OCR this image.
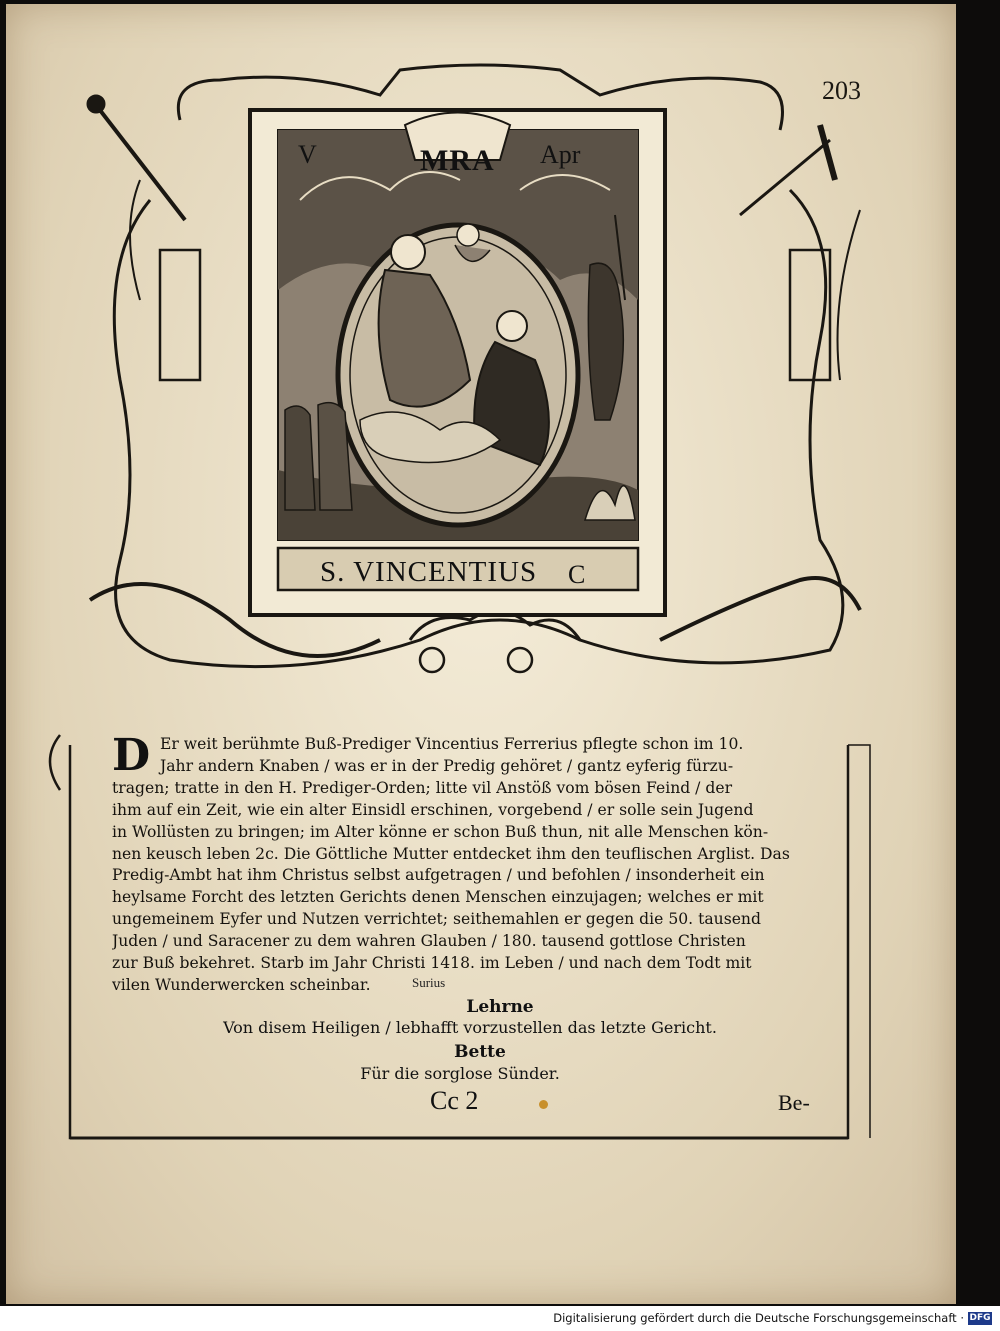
203
V	MRA Apr
S. VINCENTIUS C
D Er weit berühmte Buß-Prediger Vincentius Ferrerius pflegte schon im 10.
Jahr andern Knaben / was er in der Predig gehöret / gantz eyferig fürzu-
tragen; tratte in den H. Prediger-Orden; litte vil Anstöß vom bösen Feind / der
ihm auf ein Zeit, wie ein alter Einsidl erschinen, vorgebend / er solle sein Jugend
in Wollüsten zu bringen; im Alter könne er schon Buß thun, nit alle Menschen kön-
nen keusch leben 2c. Die Göttliche Mutter entdecket ihm den teuflischen Arglist. Das
Predig-Ambt hat ihm Christus selbst aufgetragen / und befohlen / insonderheit ein
heylsame Forcht des letzten Gerichts denen Menschen einzujagen; welches er mit
ungemeinem Eyfer und Nutzen verrichtet; seithemahlen er gegen die 50. tausend
Juden / und Saracener zu dem wahren Glauben / 180. tausend gottlose Christen
zur Buß bekehret. Starb im Jahr Christi 1418. im Leben / und nach dem Todt mit
vilen Wunderwercken scheinbar.	Surius
Lehrne
Von disem Heiligen / lebhafft vorzustellen das letzte Gericht.
Bette
Für die sorglose Sünder.
Cc 2	Be-
Digitalisierung gefördert durch die Deutsche Forschungsgemeinschaft · DFG
